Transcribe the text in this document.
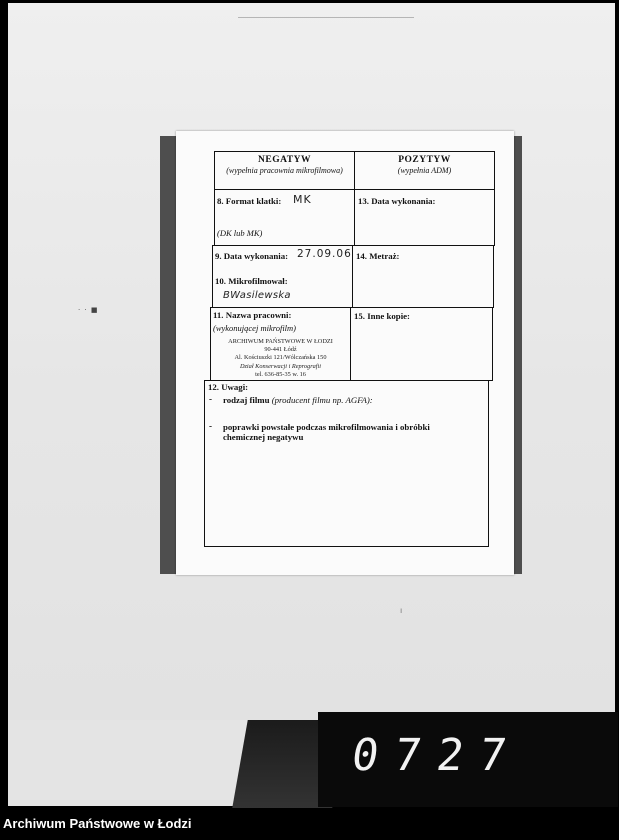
· · ■
ı
NEGATYW
(wypełnia pracownia mikrofilmowa)
POZYTYW
(wypełnia ADM)
8. Format klatki: MK
(DK lub MK)
13. Data wykonania:
9. Data wykonania: 27.09.06
10. Mikrofilmował:
BWasilewska
14. Metraż:
11. Nazwa pracowni:
(wykonującej mikrofilm)
ARCHIWUM PAŃSTWOWE W ŁODZI
90-441 Łódź
Al. Kościuszki 121/Wólczańska 150
Dział Konserwacji i Reprografii
tel. 636-85-35 w. 16
15. Inne kopie:
12. Uwagi:
- rodzaj filmu (producent filmu np. AGFA):
- poprawki powstałe podczas mikrofilmowania i obróbki chemicznej negatywu
0727
Archiwum Państwowe w Łodzi
